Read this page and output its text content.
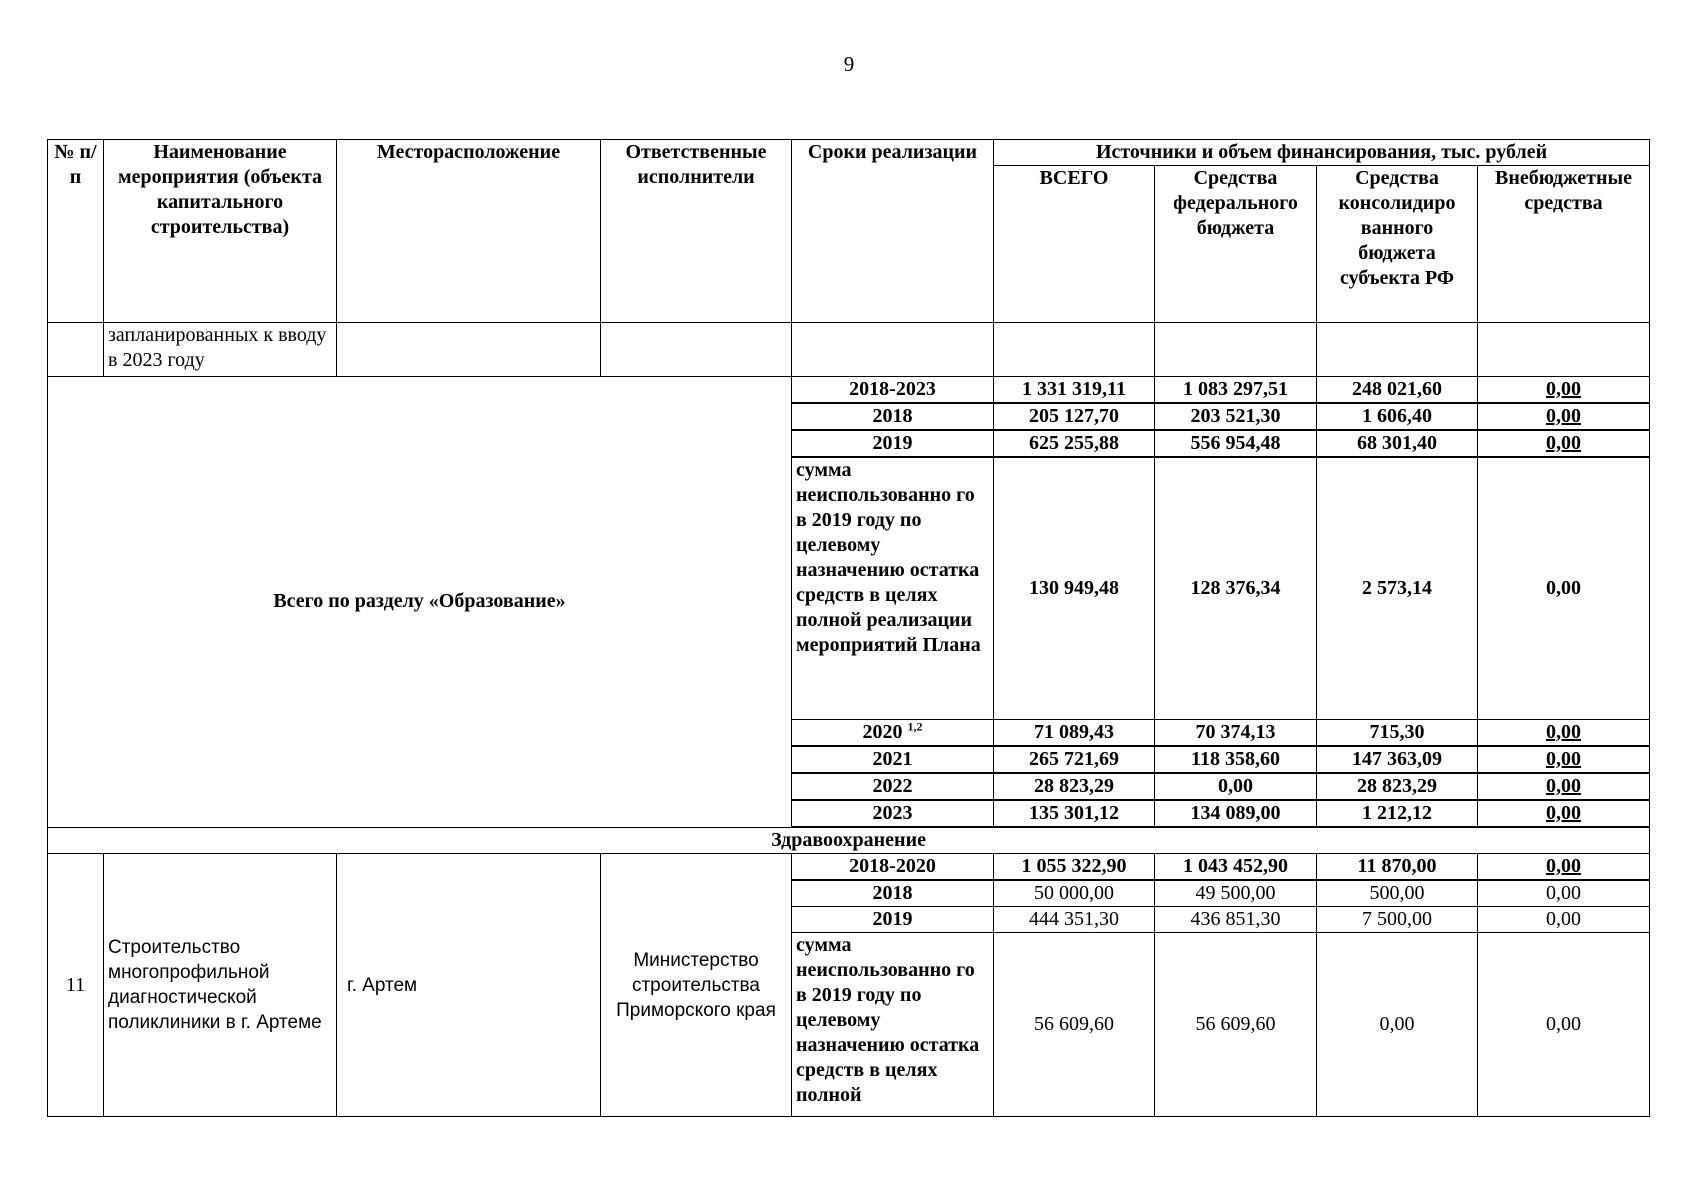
9
№ п/п	Наименование мероприятия (объекта капитального строительства)	Месторасположение	Ответственные исполнители	Сроки реализации	Источники и объем финансирования, тыс. рублей			
					ВСЕГО	Средства федерального бюджета	Средства консолидиро ванного бюджета субъекта РФ	Внебюджетные средства
	запланированных к вводу в 2023 году							
Всего по разделу «Образование»				2018-2023	1 331 319,11	1 083 297,51	248 021,60	0,00
				2018	205 127,70	203 521,30	1 606,40	0,00
				2019	625 255,88	556 954,48	68 301,40	0,00
				сумма неиспользованно го в 2019 году по целевому назначению остатка средств в целях полной реализации мероприятий Плана	130 949,48	128 376,34	2 573,14	0,00
				2020 $^{1,2}$	71 089,43	70 374,13	715,30	0,00
				2021	265 721,69	118 358,60	147 363,09	0,00
				2022	28 823,29	0,00	28 823,29	0,00
				2023	135 301,12	134 089,00	1 212,12	0,00
Здравоохранение								
11	Строительство многопрофильной диагностической поликлиники в г. Артеме	г. Артем	Министерство строительства Приморского края	2018-2020	1 055 322,90	1 043 452,90	11 870,00	0,00
				2018	50 000,00	49 500,00	500,00	0,00
				2019	444 351,30	436 851,30	7 500,00	0,00
				сумма неиспользованно го в 2019 году по целевому назначению остатка средств в целях полной	56 609,60	56 609,60	0,00	0,00
